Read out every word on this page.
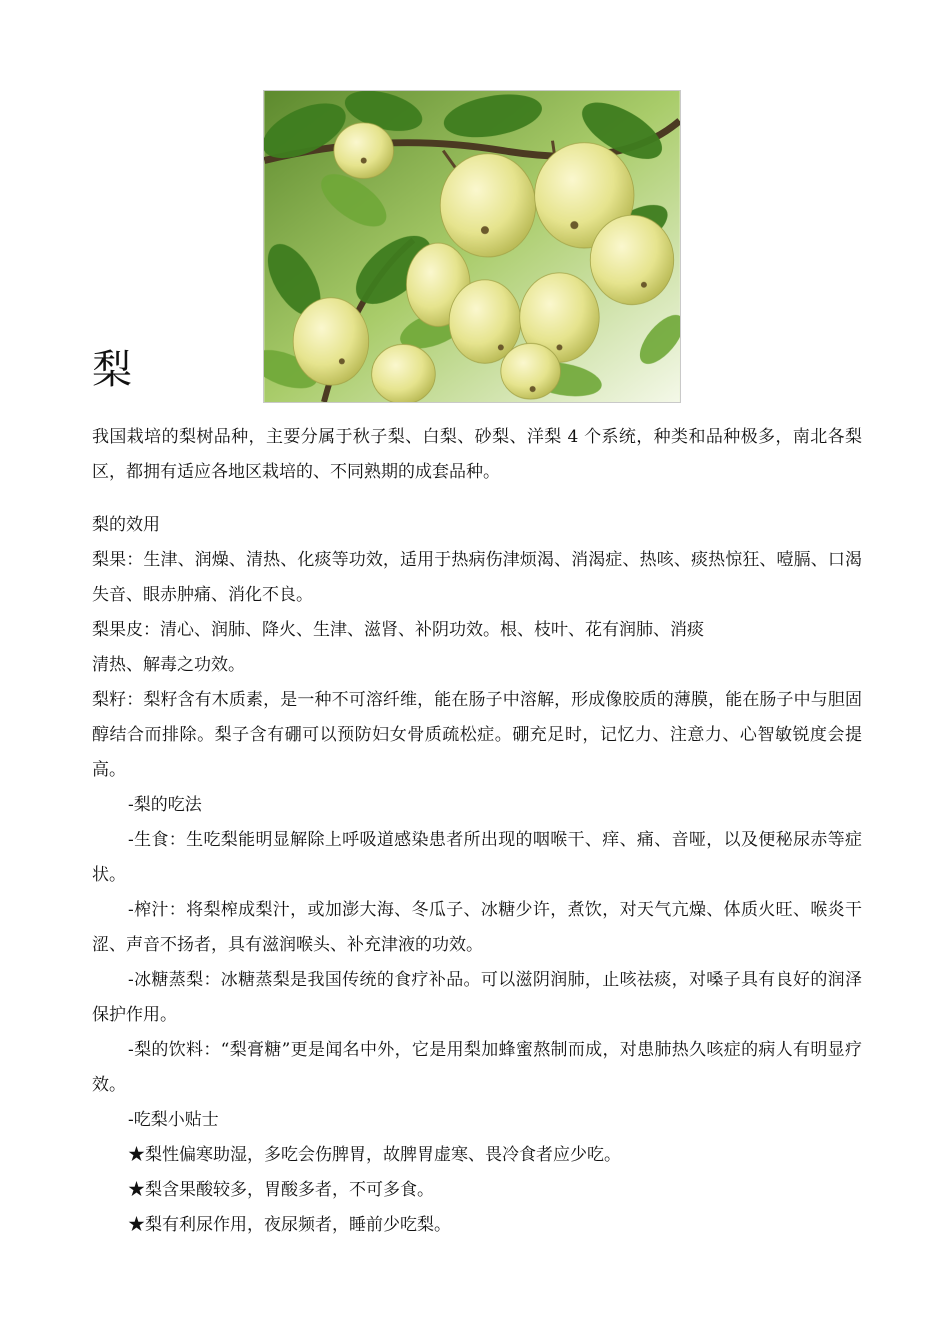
梨

我国栽培的梨树品种，主要分属于秋子梨、白梨、砂梨、洋梨 4 个系统，种类和品种极多，南北各梨区，都拥有适应各地区栽培的、不同熟期的成套品种。

梨的效用

梨果：生津、润燥、清热、化痰等功效，适用于热病伤津烦渴、消渴症、热咳、痰热惊狂、噎膈、口渴失音、眼赤肿痛、消化不良。

梨果皮：清心、润肺、降火、生津、滋肾、补阴功效。根、枝叶、花有润肺、消痰

清热、解毒之功效。

梨籽：梨籽含有木质素，是一种不可溶纤维，能在肠子中溶解，形成像胶质的薄膜，能在肠子中与胆固醇结合而排除。梨子含有硼可以预防妇女骨质疏松症。硼充足时，记忆力、注意力、心智敏锐度会提高。

-梨的吃法

-生食：生吃梨能明显解除上呼吸道感染患者所出现的咽喉干、痒、痛、音哑，以及便秘尿赤等症状。

-榨汁：将梨榨成梨汁，或加澎大海、冬瓜子、冰糖少许，煮饮，对天气亢燥、体质火旺、喉炎干涩、声音不扬者，具有滋润喉头、补充津液的功效。

-冰糖蒸梨：冰糖蒸梨是我国传统的食疗补品。可以滋阴润肺，止咳祛痰，对嗓子具有良好的润泽保护作用。

-梨的饮料：“梨膏糖”更是闻名中外，它是用梨加蜂蜜熬制而成，对患肺热久咳症的病人有明显疗效。

-吃梨小贴士

★梨性偏寒助湿，多吃会伤脾胃，故脾胃虚寒、畏冷食者应少吃。

★梨含果酸较多，胃酸多者，不可多食。

★梨有利尿作用，夜尿频者，睡前少吃梨。
